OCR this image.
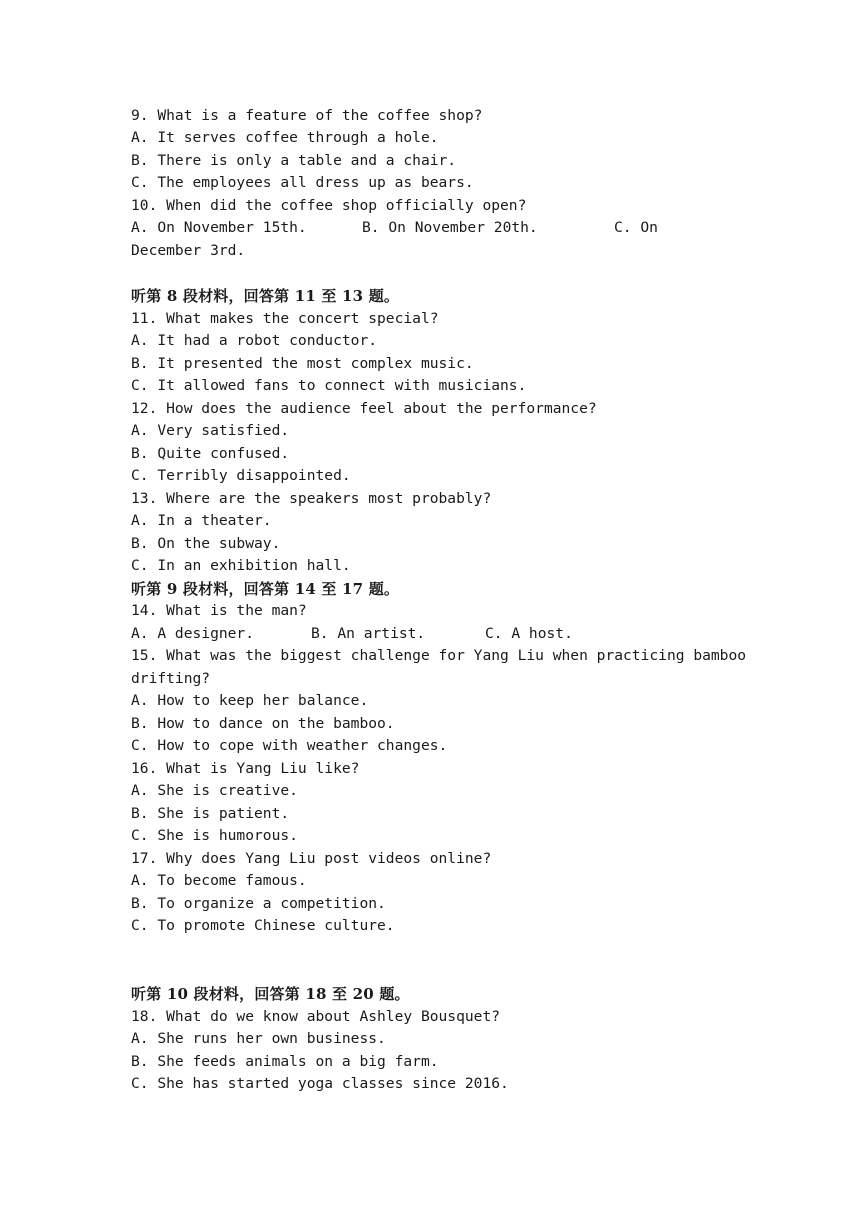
9. What is a feature of the coffee shop?
A. It serves coffee through a hole.
B. There is only a table and a chair.
C. The employees all dress up as bears.
10. When did the coffee shop officially open?
A. On November 15th.	B. On November 20th.	C. On
December 3rd.
听第 8 段材料，回答第 11 至 13 题。
11. What makes the concert special?
A. It had a robot conductor.
B. It presented the most complex music.
C. It allowed fans to connect with musicians.
12. How does the audience feel about the performance?
A. Very satisfied.
B. Quite confused.
C. Terribly disappointed.
13. Where are the speakers most probably?
A. In a theater.
B. On the subway.
C. In an exhibition hall.
听第 9 段材料，回答第 14 至 17 题。
14. What is the man?
A. A designer.	B. An artist.	C. A host.
15. What was the biggest challenge for Yang Liu when practicing bamboo
drifting?
A. How to keep her balance.
B. How to dance on the bamboo.
C. How to cope with weather changes.
16. What is Yang Liu like?
A. She is creative.
B. She is patient.
C. She is humorous.
17. Why does Yang Liu post videos online?
A. To become famous.
B. To organize a competition.
C. To promote Chinese culture.
听第 10 段材料，回答第 18 至 20 题。
18. What do we know about Ashley Bousquet?
A. She runs her own business.
B. She feeds animals on a big farm.
C. She has started yoga classes since 2016.
